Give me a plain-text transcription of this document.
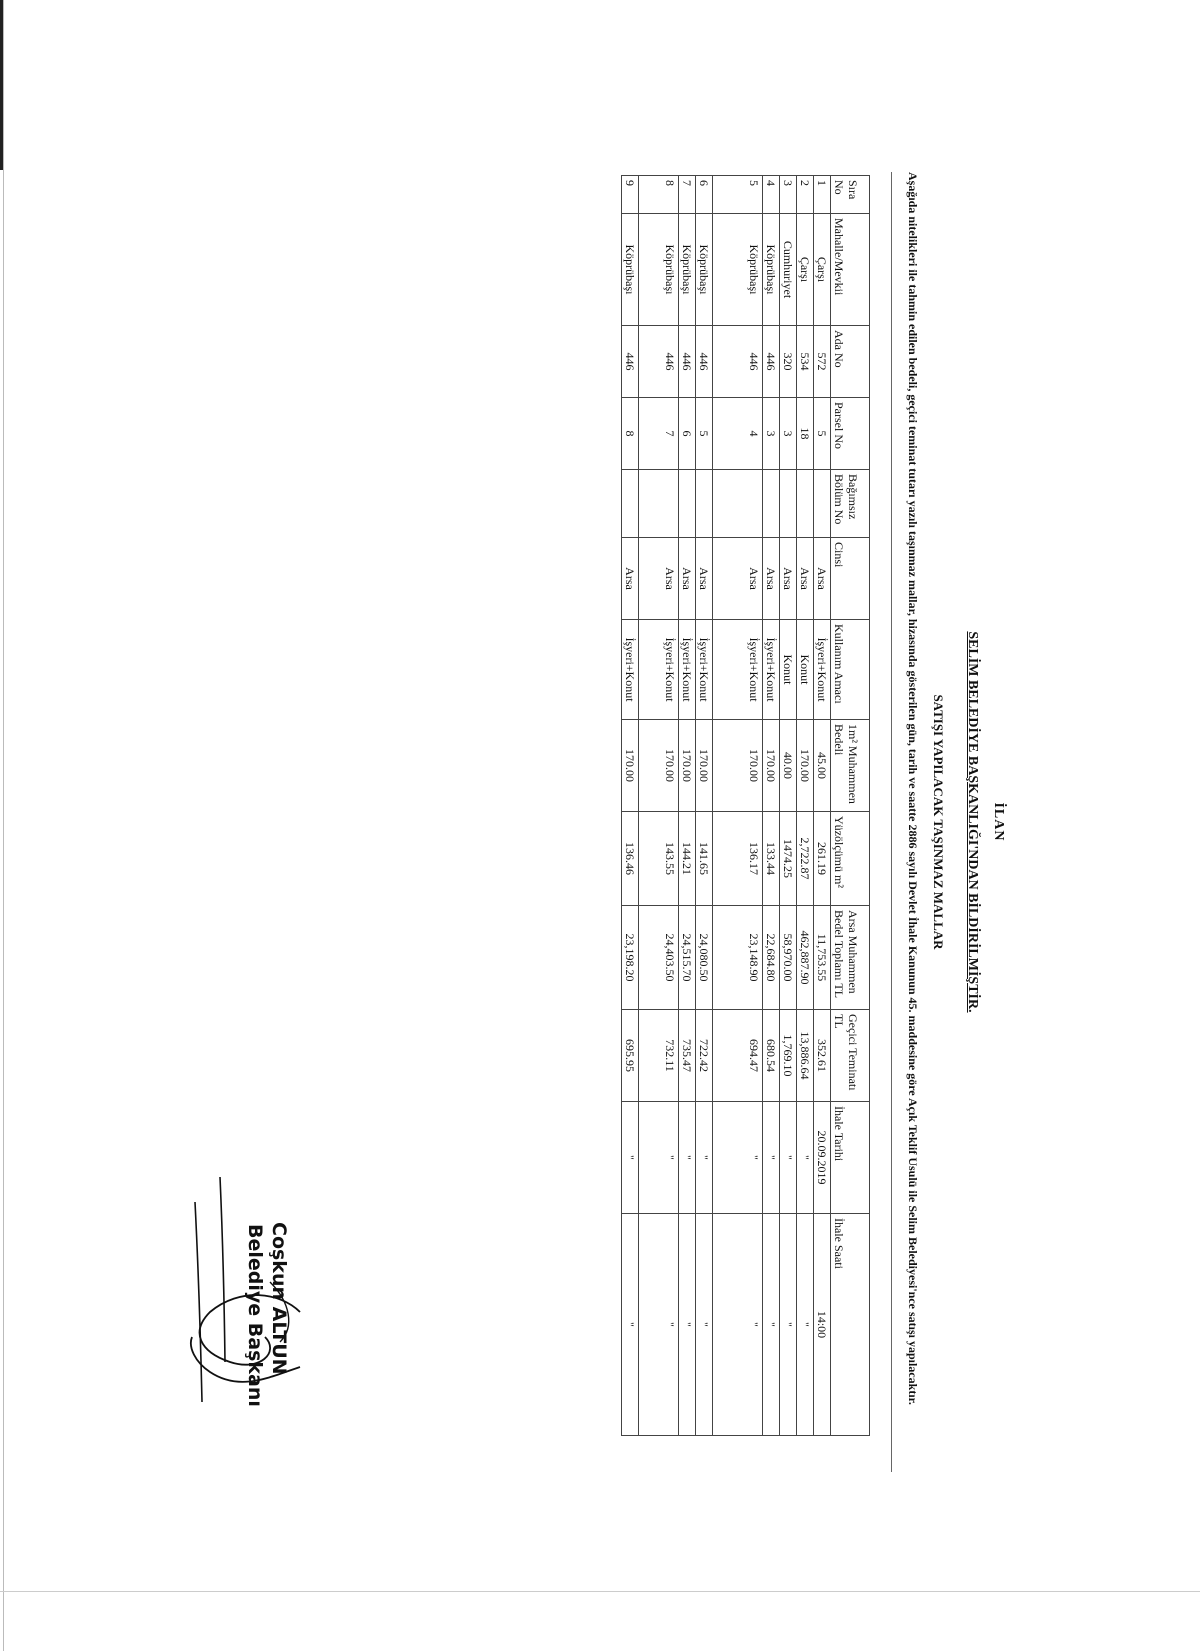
İLAN
SELİM BELEDİYE BAŞKANLIĞI'NDAN BİLDİRİLMİŞTİR.
SATIŞI YAPILACAK TAŞINMAZ MALLAR
Aşağıda nitelikleri ile tahmin edilen bedeli, geçici teminat tutarı yazılı taşınmaz mallar, hizasında gösterilen gün, tarih ve saatte 2886 sayılı Devlet İhale Kanunun 45. maddesine göre Açık Teklif Usulü ile Selim Belediyesi'nce satışı yapılacaktır.
Sıra No	Mahalle/Mevkii	Ada No	Parsel No	Bağımsız Bölüm No	Cinsi	Kullanım Amacı	1m² Muhammen Bedeli	Yüzölçümü m²	Arsa Muhammen Bedel Toplamı TL	Geçici Teminatı TL	İhale Tarihi	İhale Saati
1	Çarşı	572	5		Arsa	İşyeri+Konut	45.00	261.19	11,753.55	352.61	20.09.2019	14:00
2	Çarşı	534	18		Arsa	Konut	170.00	2,722.87	462,887.90	13,886.64	"	"
3	Cumhuriyet	320	3		Arsa	Konut	40.00	1474.25	58,970.00	1,769.10	"	"
4	Köprübaşı	446	3		Arsa	İşyeri+Konut	170.00	133.44	22,684.80	680.54	"	"
5	Köprübaşı	446	4		Arsa	İşyeri+Konut	170.00	136.17	23,148.90	694.47	"	"
6	Köprübaşı	446	5		Arsa	İşyeri+Konut	170.00	141.65	24,080.50	722.42	"	"
7	Köprübaşı	446	6		Arsa	İşyeri+Konut	170.00	144.21	24,515.70	735.47	"	"
8	Köprübaşı	446	7		Arsa	İşyeri+Konut	170.00	143.55	24,403.50	732.11	"	"
9	Köprübaşı	446	8		Arsa	İşyeri+Konut	170.00	136.46	23,198.20	695.95	"	"
Coşkun ALTUN
Belediye Başkanı
